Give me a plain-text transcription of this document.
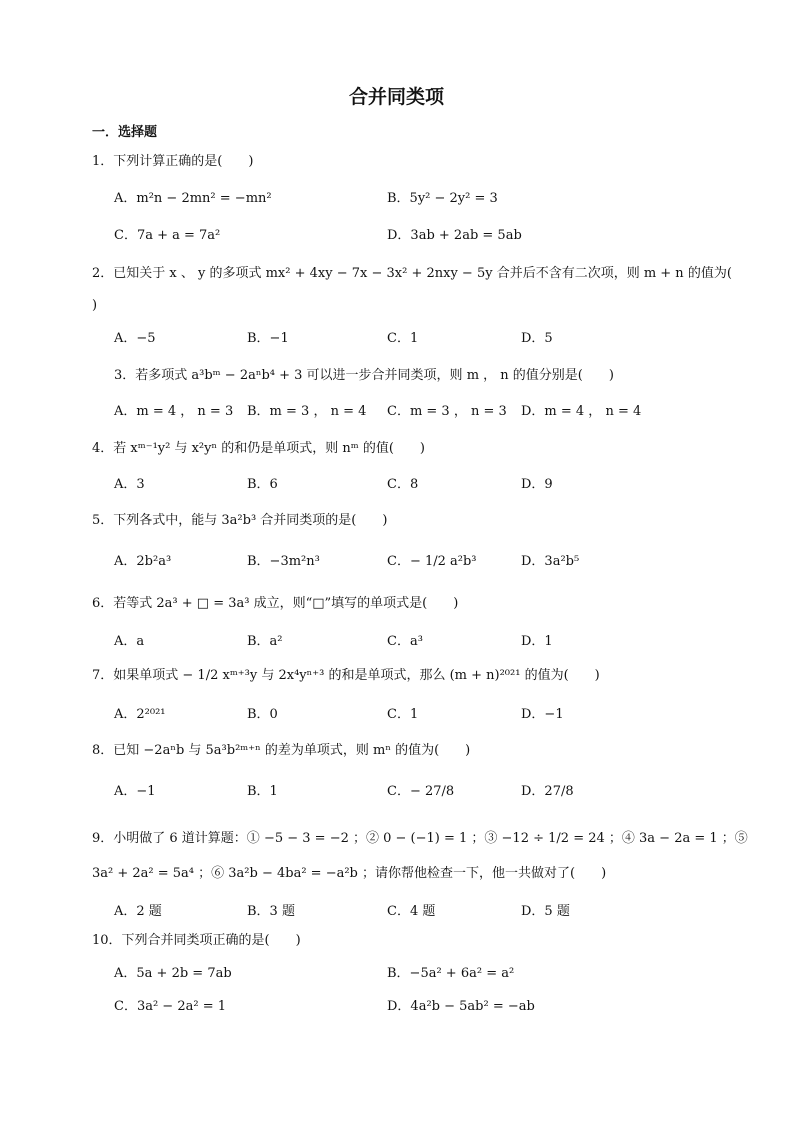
合并同类项
一．选择题
1．下列计算正确的是(　　)
A．m²n − 2mn² = −mn²	B．5y² − 2y² = 3
C．7a + a = 7a²	D．3ab + 2ab = 5ab
2．已知关于 x 、 y 的多项式 mx² + 4xy − 7x − 3x² + 2nxy − 5y 合并后不含有二次项，则 m + n 的值为(
)
A．−5	B．−1	C．1	D．5
3．若多项式 a³bᵐ − 2aⁿb⁴ + 3 可以进一步合并同类项，则 m ， n 的值分别是(　　)
A．m = 4 ， n = 3 B．m = 3 ， n = 4 C．m = 3 ， n = 3 D．m = 4 ， n = 4
4．若 xᵐ⁻¹y² 与 x²yⁿ 的和仍是单项式，则 nᵐ 的值(　　)
A．3	B．6	C．8	D．9
5．下列各式中，能与 3a²b³ 合并同类项的是(　　)
A．2b²a³	B．−3m²n³	C．− 1/2 a²b³	D．3a²b⁵
6．若等式 2a³ + □ = 3a³ 成立，则“□”填写的单项式是(　　)
A．a	B．a²	C．a³	D．1
7．如果单项式 − 1/2 xᵐ⁺³y 与 2x⁴yⁿ⁺³ 的和是单项式，那么 (m + n)²⁰²¹ 的值为(　　)
A．2²⁰²¹	B．0	C．1	D．−1
8．已知 −2aⁿb 与 5a³b²ᵐ⁺ⁿ 的差为单项式，则 mⁿ 的值为(　　)
A．−1	B．1	C．− 27/8	D．27/8
9．小明做了 6 道计算题：① −5 − 3 = −2 ；② 0 − (−1) = 1 ；③ −12 ÷ 1/2 = 24 ；④ 3a − 2a = 1 ；⑤
3a² + 2a² = 5a⁴ ；⑥ 3a²b − 4ba² = −a²b ；请你帮他检查一下，他一共做对了(　　)
A．2 题	B．3 题	C．4 题	D．5 题
10．下列合并同类项正确的是(　　)
A．5a + 2b = 7ab	B．−5a² + 6a² = a²
C．3a² − 2a² = 1	D．4a²b − 5ab² = −ab
